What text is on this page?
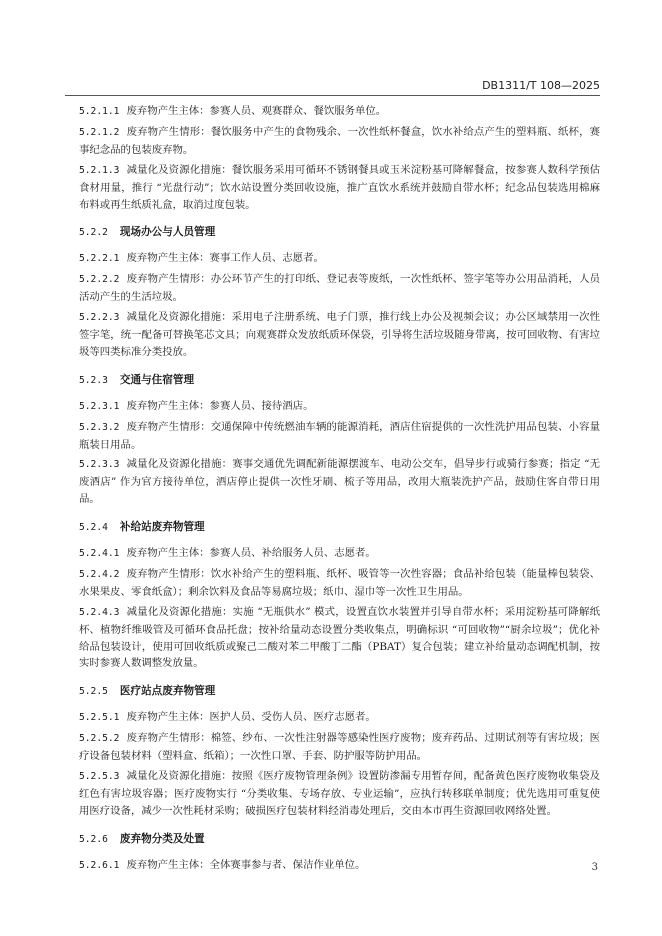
DB1311/T 108—2025
5.2.1.1 废弃物产生主体：参赛人员、观赛群众、餐饮服务单位。
5.2.1.2 废弃物产生情形：餐饮服务中产生的食物残余、一次性纸杯餐盒，饮水补给点产生的塑料瓶、纸杯，赛事纪念品的包装废弃物。
5.2.1.3 减量化及资源化措施：餐饮服务采用可循环不锈钢餐具或玉米淀粉基可降解餐盒，按参赛人数科学预估食材用量，推行 “光盘行动”；饮水站设置分类回收设施，推广直饮水系统并鼓励自带水杯；纪念品包装选用棉麻布料或再生纸质礼盒，取消过度包装。
5.2.2 现场办公与人员管理
5.2.2.1 废弃物产生主体：赛事工作人员、志愿者。
5.2.2.2 废弃物产生情形：办公环节产生的打印纸、登记表等废纸，一次性纸杯、签字笔等办公用品消耗，人员活动产生的生活垃圾。
5.2.2.3 减量化及资源化措施：采用电子注册系统、电子门票，推行线上办公及视频会议；办公区域禁用一次性签字笔，统一配备可替换笔芯文具；向观赛群众发放纸质环保袋，引导将生活垃圾随身带离，按可回收物、有害垃圾等四类标准分类投放。
5.2.3 交通与住宿管理
5.2.3.1 废弃物产生主体：参赛人员、接待酒店。
5.2.3.2 废弃物产生情形：交通保障中传统燃油车辆的能源消耗，酒店住宿提供的一次性洗护用品包装、小容量瓶装日用品。
5.2.3.3 减量化及资源化措施：赛事交通优先调配新能源摆渡车、电动公交车，倡导步行或骑行参赛；指定 “无废酒店” 作为官方接待单位，酒店停止提供一次性牙刷、梳子等用品，改用大瓶装洗护产品，鼓励住客自带日用品。
5.2.4 补给站废弃物管理
5.2.4.1 废弃物产生主体：参赛人员、补给服务人员、志愿者。
5.2.4.2 废弃物产生情形：饮水补给产生的塑料瓶、纸杯、吸管等一次性容器；食品补给包装（能量棒包装袋、水果果皮、零食纸盒）；剩余饮料及食品等易腐垃圾；纸巾、湿巾等一次性卫生用品。
5.2.4.3 减量化及资源化措施：实施 “无瓶供水” 模式，设置直饮水装置并引导自带水杯；采用淀粉基可降解纸杯、植物纤维吸管及可循环食品托盘；按补给量动态设置分类收集点，明确标识 “可回收物”“厨余垃圾”；优化补给品包装设计，使用可回收纸质或聚己二酸对苯二甲酸丁二酯（PBAT）复合包装；建立补给量动态调配机制，按实时参赛人数调整发放量。
5.2.5 医疗站点废弃物管理
5.2.5.1 废弃物产生主体：医护人员、受伤人员、医疗志愿者。
5.2.5.2 废弃物产生情形：棉签、纱布、一次性注射器等感染性医疗废物；废弃药品、过期试剂等有害垃圾；医疗设备包装材料（塑料盒、纸箱）；一次性口罩、手套、防护服等防护用品。
5.2.5.3 减量化及资源化措施：按照《医疗废物管理条例》设置防渗漏专用暂存间，配备黄色医疗废物收集袋及红色有害垃圾容器；医疗废物实行 “分类收集、专场存放、专业运输”，应执行转移联单制度；优先选用可重复使用医疗设备，减少一次性耗材采购；破损医疗包装材料经消毒处理后，交由本市再生资源回收网络处置。
5.2.6 废弃物分类及处置
5.2.6.1 废弃物产生主体：全体赛事参与者、保洁作业单位。	3
